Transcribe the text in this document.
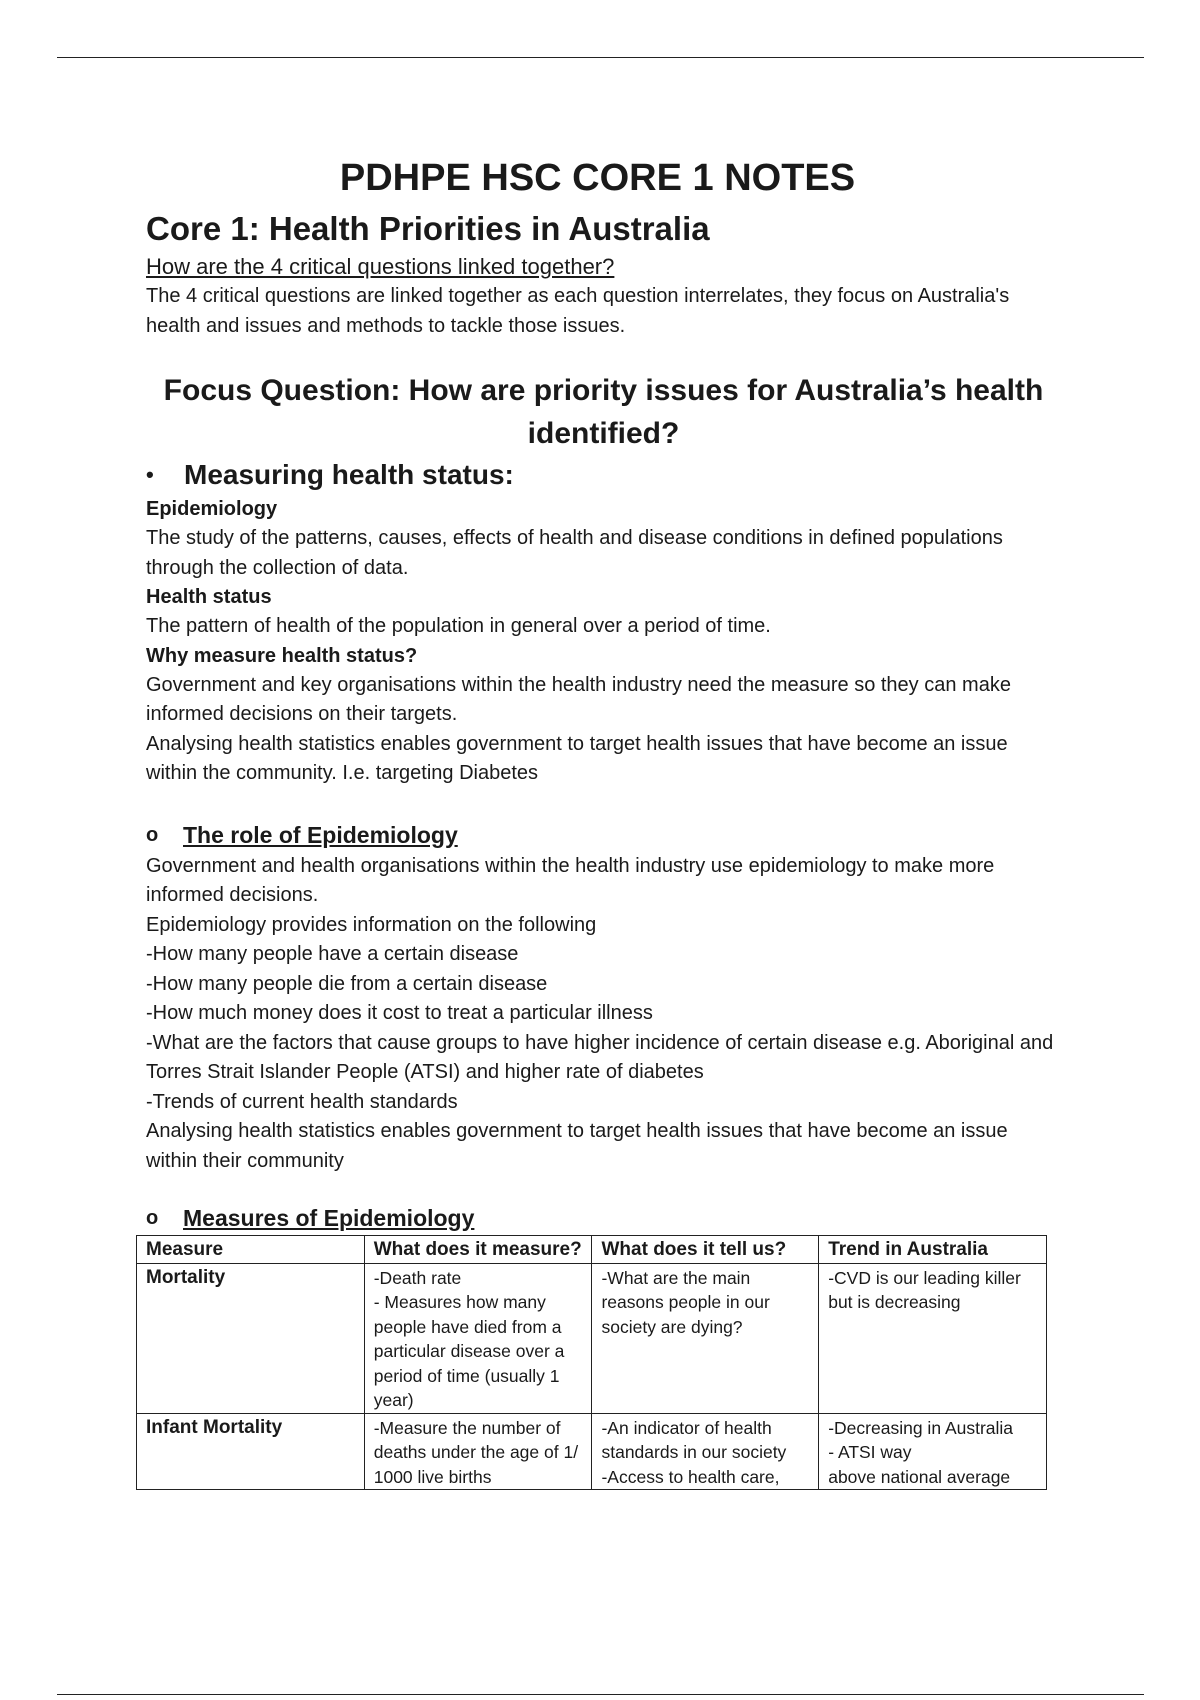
PDHPE HSC CORE 1 NOTES
Core 1: Health Priorities in Australia

How are the 4 critical questions linked together?

The 4 critical questions are linked together as each question interrelates, they focus on Australia's health and issues and methods to tackle those issues.

Focus Question: How are priority issues for Australia’s health identified?
•	Measuring health status:

Epidemiology

The study of the patterns, causes, effects of health and disease conditions in defined populations through the collection of data.

Health status

The pattern of health of the population in general over a period of time.

Why measure health status?

Government and key organisations within the health industry need the measure so they can make informed decisions on their targets.

Analysing health statistics enables government to target health issues that have become an issue within the community. I.e. targeting Diabetes

o	The role of Epidemiology

Government and health organisations within the health industry use epidemiology to make more informed decisions.

Epidemiology provides information on the following

-How many people have a certain disease

-How many people die from a certain disease

-How much money does it cost to treat a particular illness

-What are the factors that cause groups to have higher incidence of certain disease e.g. Aboriginal and Torres Strait Islander People (ATSI) and higher rate of diabetes

-Trends of current health standards

Analysing health statistics enables government to target health issues that have become an issue within their community

o	Measures of Epidemiology
Measure	What does it measure?	What does it tell us?	Trend in Australia
Mortality	-Death rate
- Measures how many people have died from a particular disease over a period of time (usually 1 year)	-What are the main reasons people in our society are dying?	-CVD is our leading killer but is decreasing
Infant Mortality	-Measure the number of deaths under the age of 1/ 1000 live births	-An indicator of health standards in our society
-Access to health care,	-Decreasing in Australia
- ATSI way
above national average
